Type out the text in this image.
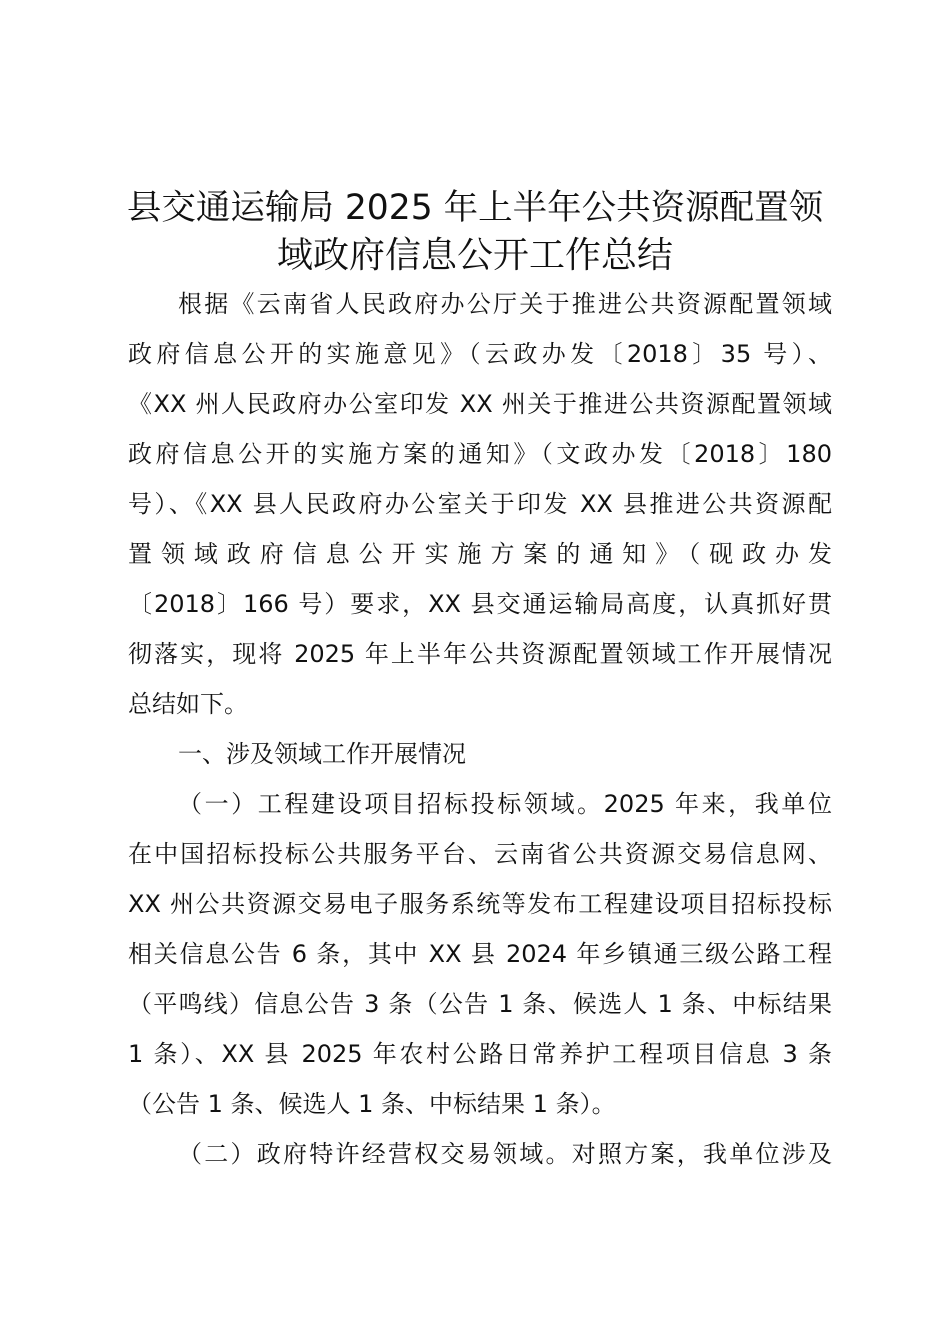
县交通运输局 2025 年上半年公共资源配置领
域政府信息公开工作总结
根据《云南省人民政府办公厅关于推进公共资源配置领域
政府信息公开的实施意见》（云政办发〔2018〕35 号）、
《XX 州人民政府办公室印发 XX 州关于推进公共资源配置领域
政府信息公开的实施方案的通知》（文政办发〔2018〕180
号）、《XX 县人民政府办公室关于印发 XX 县推进公共资源配
置领域政府信息公开实施方案的通知》（砚政办发
〔2018〕166 号）要求，XX 县交通运输局高度，认真抓好贯
彻落实，现将 2025 年上半年公共资源配置领域工作开展情况
总结如下。
一、涉及领域工作开展情况
（一）工程建设项目招标投标领域。2025 年来，我单位
在中国招标投标公共服务平台、云南省公共资源交易信息网、
XX 州公共资源交易电子服务系统等发布工程建设项目招标投标
相关信息公告 6 条，其中 XX 县 2024 年乡镇通三级公路工程
（平鸣线）信息公告 3 条（公告 1 条、候选人 1 条、中标结果
1 条）、XX 县 2025 年农村公路日常养护工程项目信息 3 条
（公告 1 条、候选人 1 条、中标结果 1 条）。
（二）政府特许经营权交易领域。对照方案，我单位涉及
